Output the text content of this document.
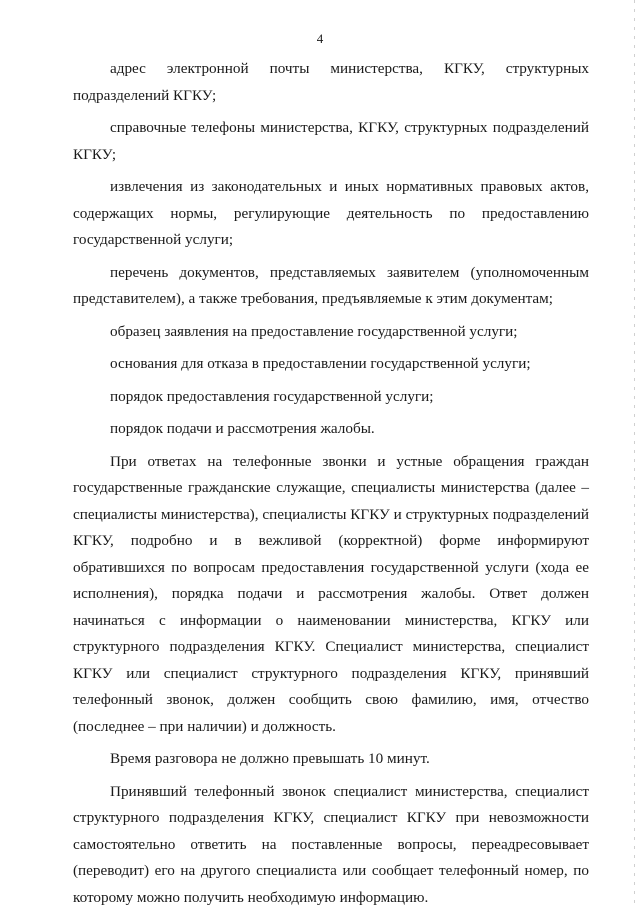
4

адрес электронной почты министерства, КГКУ, структурных подразделений КГКУ;

справочные телефоны министерства, КГКУ, структурных подразделений КГКУ;

извлечения из законодательных и иных нормативных правовых актов, содержащих нормы, регулирующие деятельность по предоставлению государственной услуги;

перечень документов, представляемых заявителем (уполномоченным представителем), а также требования, предъявляемые к этим документам;

образец заявления на предоставление государственной услуги;

основания для отказа в предоставлении государственной услуги;

порядок предоставления государственной услуги;

порядок подачи и рассмотрения жалобы.

При ответах на телефонные звонки и устные обращения граждан государственные гражданские служащие, специалисты министерства (далее – специалисты министерства), специалисты КГКУ и структурных подразделений КГКУ, подробно и в вежливой (корректной) форме информируют обратившихся по вопросам предоставления государственной услуги (хода ее исполнения), порядка подачи и рассмотрения жалобы. Ответ должен начинаться с информации о наименовании министерства, КГКУ или структурного подразделения КГКУ. Специалист министерства, специалист КГКУ или специалист структурного подразделения КГКУ, принявший телефонный звонок, должен сообщить свою фамилию, имя, отчество (последнее – при наличии) и должность.

Время разговора не должно превышать 10 минут.

Принявший телефонный звонок специалист министерства, специалист структурного подразделения КГКУ, специалист КГКУ при невозможности самостоятельно ответить на поставленные вопросы, переадресовывает (переводит) его на другого специалиста или сообщает телефонный номер, по которому можно получить необходимую информацию.
